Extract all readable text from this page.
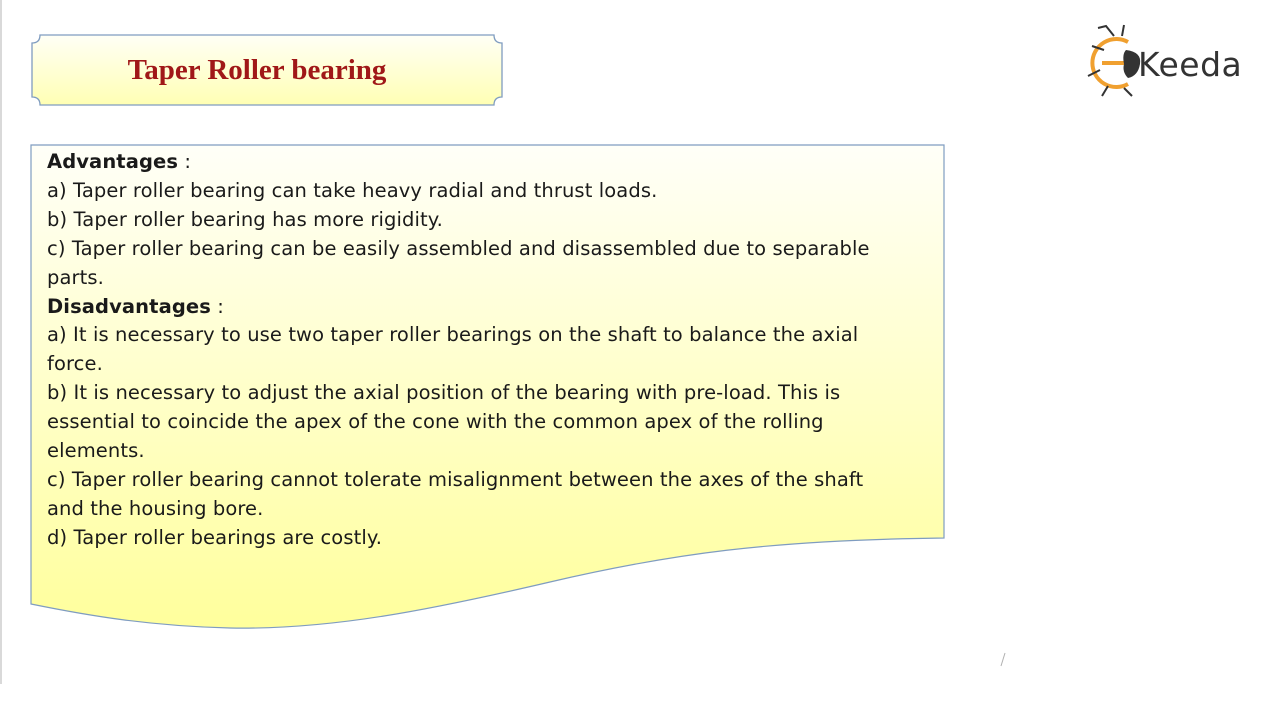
Taper Roller bearing	Keeda
Advantages :
a) Taper roller bearing can take heavy radial and thrust loads.
b) Taper roller bearing has more rigidity.
c) Taper roller bearing can be easily assembled and disassembled due to separable
parts.
Disadvantages :
a) It is necessary to use two taper roller bearings on the shaft to balance the axial
force.
b) It is necessary to adjust the axial position of the bearing with pre-load. This is
essential to coincide the apex of the cone with the common apex of the rolling
elements.
c) Taper roller bearing cannot tolerate misalignment between the axes of the shaft
and the housing bore.
d) Taper roller bearings are costly.
